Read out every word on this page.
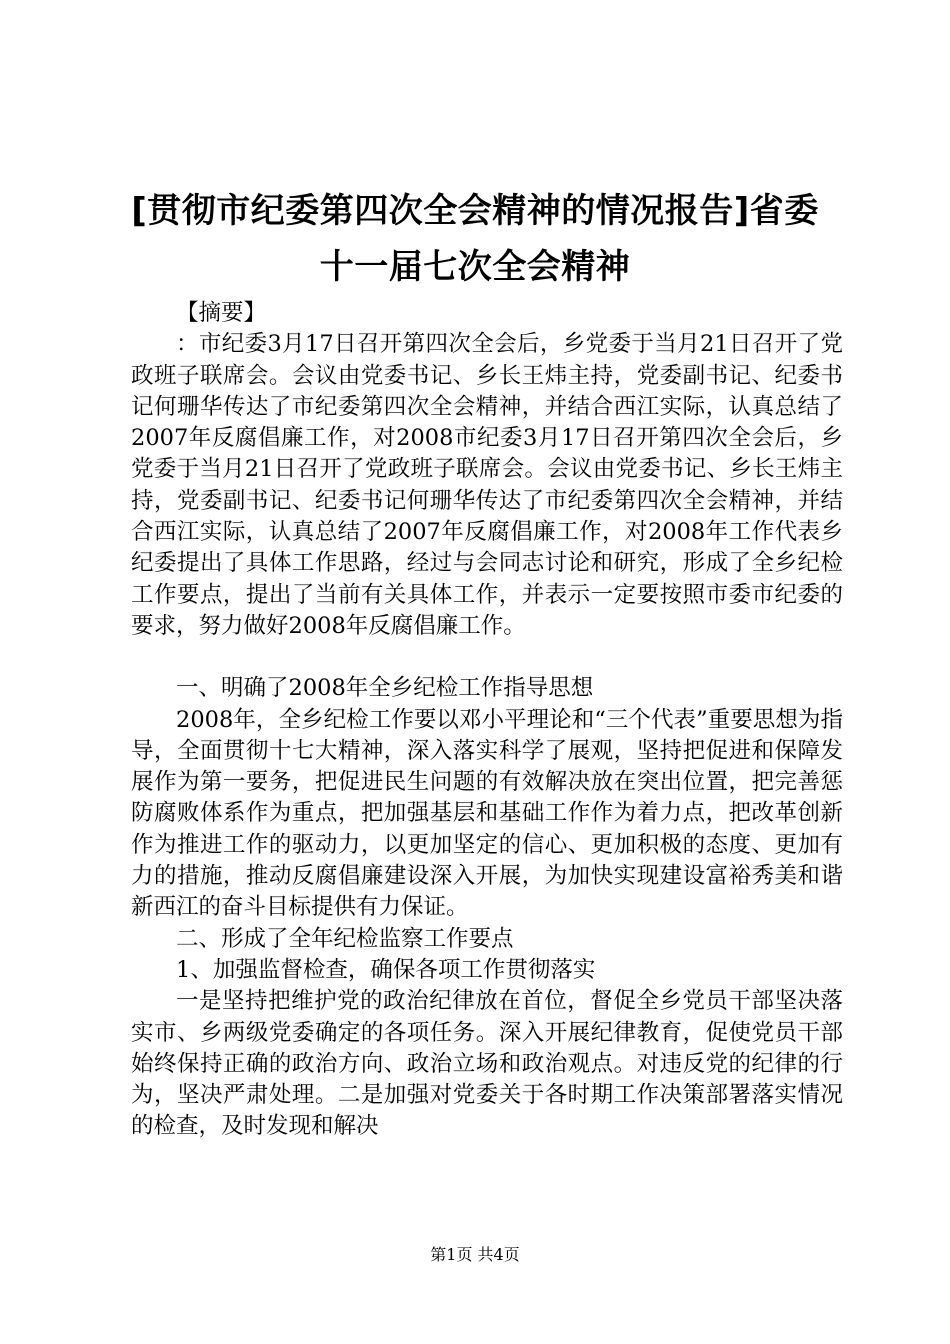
[贯彻市纪委第四次全会精神的情况报告]省委十一届七次全会精神

【摘要】

：市纪委3月17日召开第四次全会后，乡党委于当月21日召开了党政班子联席会。会议由党委书记、乡长王炜主持，党委副书记、纪委书记何珊华传达了市纪委第四次全会精神，并结合西江实际，认真总结了2007年反腐倡廉工作，对2008市纪委3月17日召开第四次全会后，乡党委于当月21日召开了党政班子联席会。会议由党委书记、乡长王炜主持，党委副书记、纪委书记何珊华传达了市纪委第四次全会精神，并结合西江实际，认真总结了2007年反腐倡廉工作，对2008年工作代表乡纪委提出了具体工作思路，经过与会同志讨论和研究，形成了全乡纪检工作要点，提出了当前有关具体工作，并表示一定要按照市委市纪委的要求，努力做好2008年反腐倡廉工作。

一、明确了2008年全乡纪检工作指导思想

2008年，全乡纪检工作要以邓小平理论和“三个代表”重要思想为指导，全面贯彻十七大精神，深入落实科学了展观，坚持把促进和保障发展作为第一要务，把促进民生问题的有效解决放在突出位置，把完善惩防腐败体系作为重点，把加强基层和基础工作作为着力点，把改革创新作为推进工作的驱动力，以更加坚定的信心、更加积极的态度、更加有力的措施，推动反腐倡廉建设深入开展，为加快实现建设富裕秀美和谐新西江的奋斗目标提供有力保证。

二、形成了全年纪检监察工作要点

1、加强监督检查，确保各项工作贯彻落实

一是坚持把维护党的政治纪律放在首位，督促全乡党员干部坚决落实市、乡两级党委确定的各项任务。深入开展纪律教育，促使党员干部始终保持正确的政治方向、政治立场和政治观点。对违反党的纪律的行为，坚决严肃处理。二是加强对党委关于各时期工作决策部署落实情况的检查，及时发现和解决

第1页 共4页
